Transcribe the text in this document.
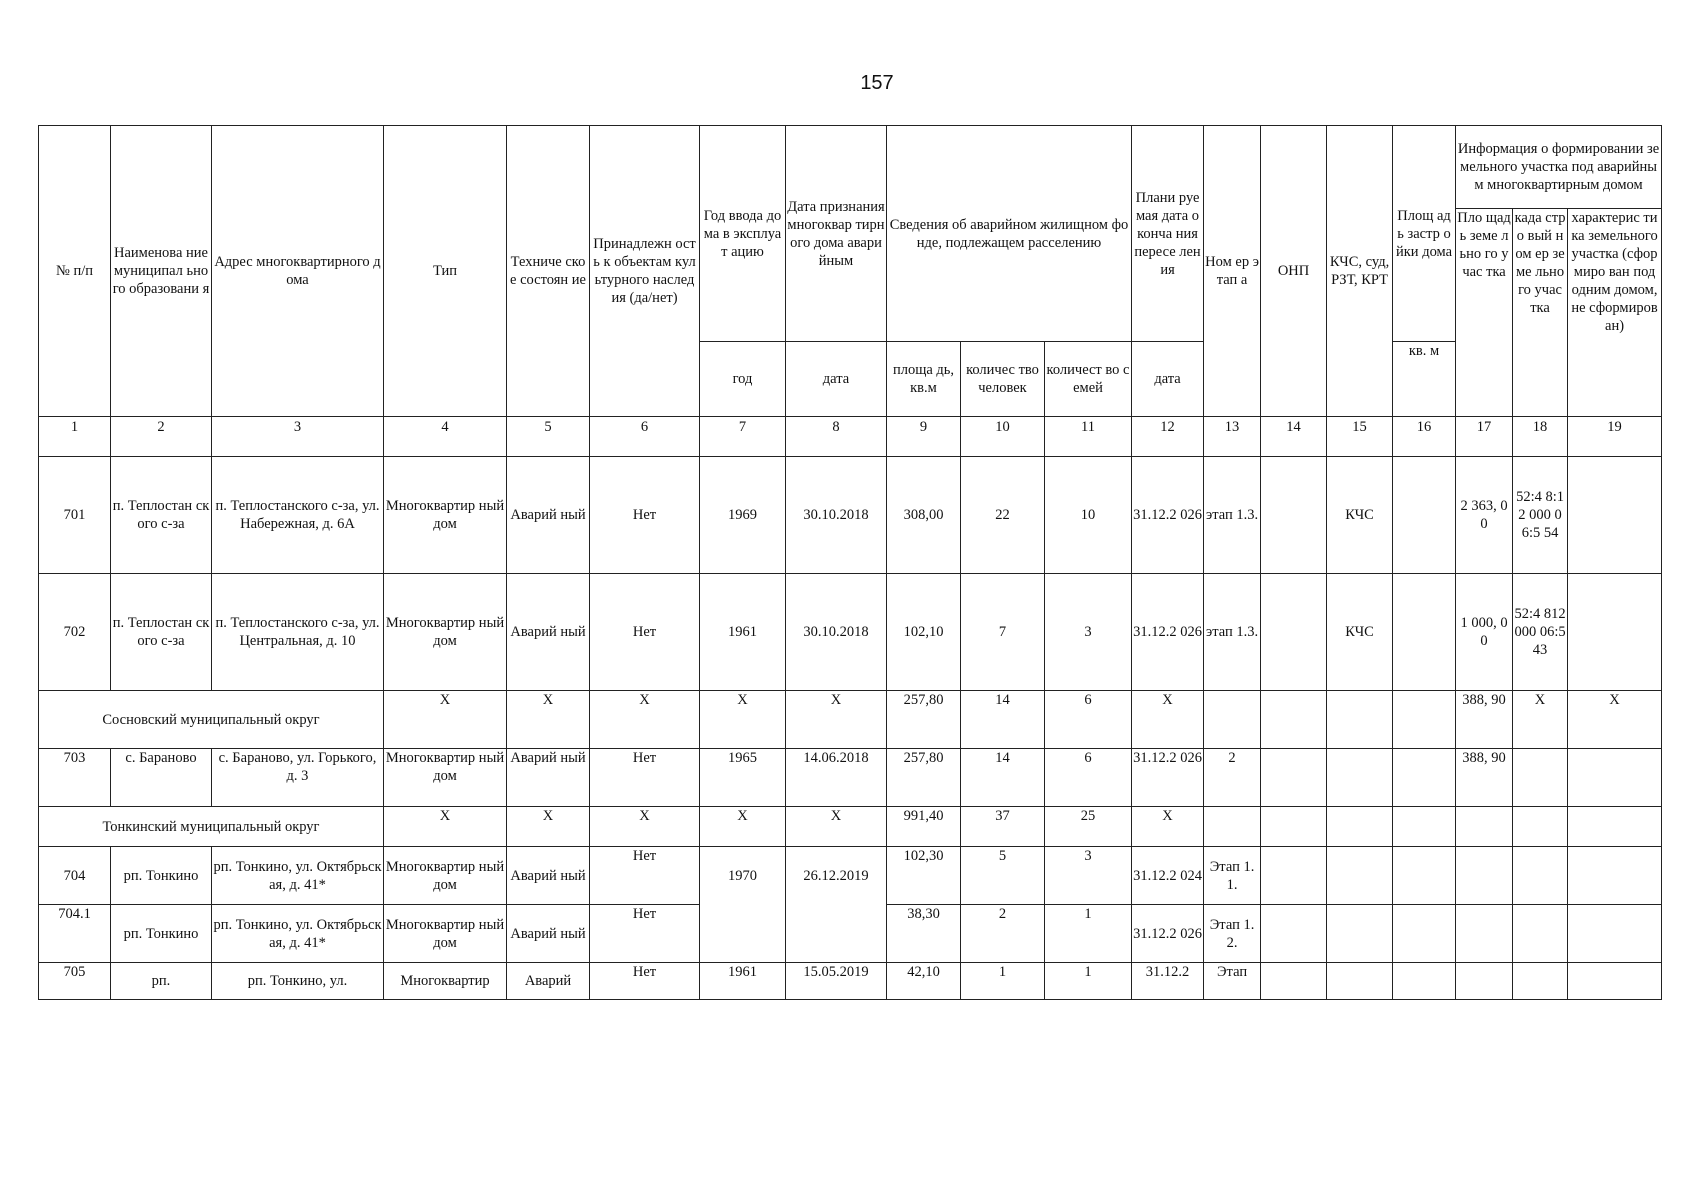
157
№ п/п	Наименова ние муниципал ьного образовани я	Адрес многоквартирного дома	Тип	Техниче ское состоян ие	Принадлежн ость к объектам культурного наследия (да/нет)	Год ввода дома в эксплуат ацию	Дата признания многоквар тирного дома аварийным	Сведения об аварийном жилищном фонде, подлежащем расселению			Плани руемая дата оконча ния пересе ления	Ном ер этап а	ОНП	КЧС, суд, РЗТ, КРТ	Площ адь застр ойки дома	Информация о формировании земельного участка под аварийным многоквартирным домом		
																Пло щадь земе льно го учас тка	када стро вый ном ер земе льно го учас тка	характерис тика земельного участка (сформиро ван под одним домом, не сформиров ан)
						год	дата	площа дь, кв.м	количес тво человек	количест во семей	дата				кв. м			
1	2	3	4	5	6	7	8	9	10	11	12	13	14	15	16	17	18	19
701	п. Теплостан ского с-за	п. Теплостанского с-за, ул. Набережная, д. 6А	Многоквартир ный дом	Аварий ный	Нет	1969	30.10.2018	308,00	22	10	31.12.2 026	этап 1.3.		КЧС		2 363, 00	52:4 8:12 000 06:5 54	
702	п. Теплостан ского с-за	п. Теплостанского с-за, ул. Центральная, д. 10	Многоквартир ный дом	Аварий ный	Нет	1961	30.10.2018	102,10	7	3	31.12.2 026	этап 1.3.		КЧС		1 000, 00	52:4 812 000 06:5 43	
Сосновский муниципальный округ			X	X	X	X	X	257,80	14	6	X					388, 90	X	X
703	с. Бараново	с. Бараново, ул. Горького, д. 3	Многоквартир ный дом	Аварий ный	Нет	1965	14.06.2018	257,80	14	6	31.12.2 026	2				388, 90		
Тонкинский муниципальный округ			X	X	X	X	X	991,40	37	25	X							
704	рп. Тонкино	рп. Тонкино, ул. Октябрьская, д. 41*	Многоквартир ный дом	Аварий ный	Нет	1970	26.12.2019	102,30	5	3	31.12.2 024	Этап 1.1.						
704.1	рп. Тонкино	рп. Тонкино, ул. Октябрьская, д. 41*	Многоквартир ный дом	Аварий ный	Нет			38,30	2	1	31.12.2 026	Этап 1.2.						
705	рп.	рп. Тонкино, ул.	Многоквартир	Аварий	Нет	1961	15.05.2019	42,10	1	1	31.12.2	Этап						
